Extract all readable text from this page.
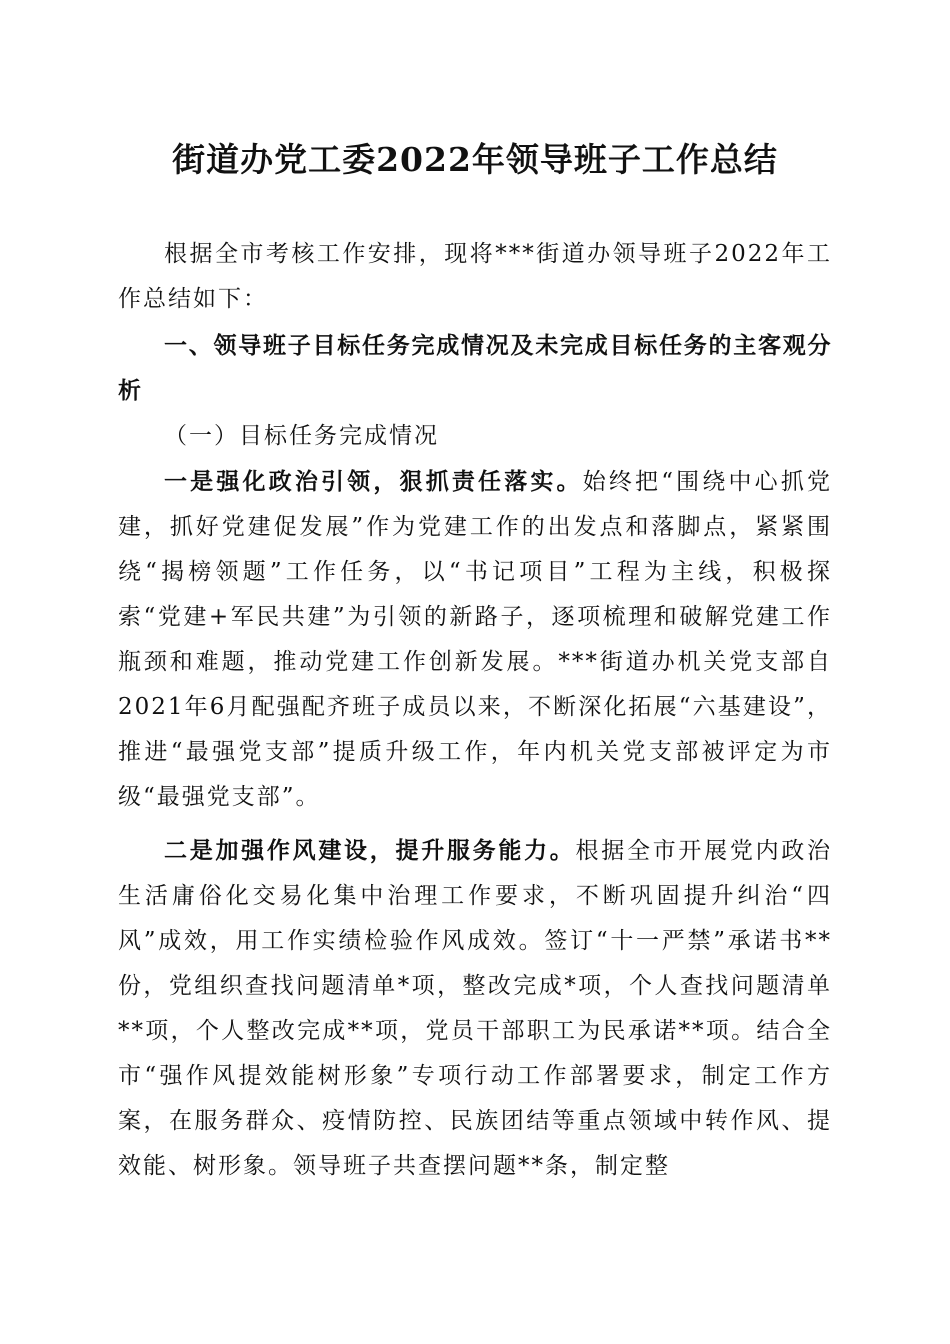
街道办党工委2022年领导班子工作总结

根据全市考核工作安排，现将***街道办领导班子2022年工作总结如下：

一、领导班子目标任务完成情况及未完成目标任务的主客观分析

（一）目标任务完成情况

一是强化政治引领，狠抓责任落实。始终把“围绕中心抓党建，抓好党建促发展”作为党建工作的出发点和落脚点，紧紧围绕“揭榜领题”工作任务，以“书记项目”工程为主线，积极探索“党建+军民共建”为引领的新路子，逐项梳理和破解党建工作瓶颈和难题，推动党建工作创新发展。***街道办机关党支部自2021年6月配强配齐班子成员以来，不断深化拓展“六基建设”，推进“最强党支部”提质升级工作，年内机关党支部被评定为市级“最强党支部”。

二是加强作风建设，提升服务能力。根据全市开展党内政治生活庸俗化交易化集中治理工作要求，不断巩固提升纠治“四风”成效，用工作实绩检验作风成效。签订“十一严禁”承诺书**份，党组织查找问题清单*项，整改完成*项，个人查找问题清单**项，个人整改完成**项，党员干部职工为民承诺**项。结合全市“强作风提效能树形象”专项行动工作部署要求，制定工作方案，在服务群众、疫情防控、民族团结等重点领域中转作风、提效能、树形象。领导班子共查摆问题**条，制定整
